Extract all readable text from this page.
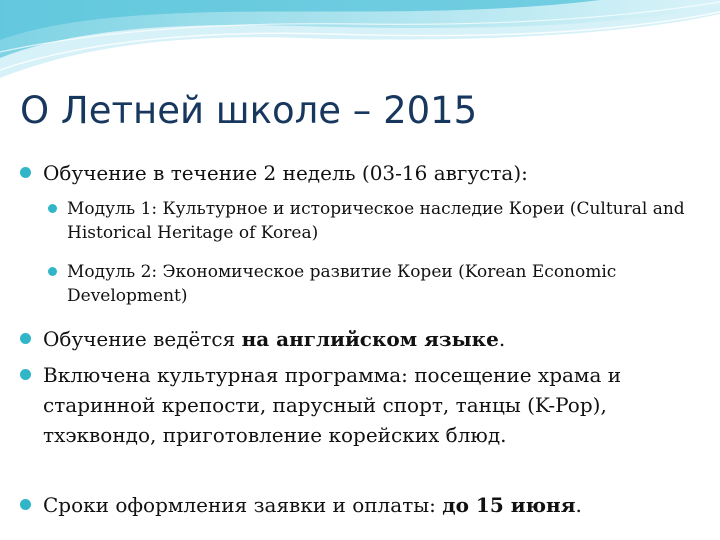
О Летней школе – 2015
Обучение в течение 2 недель (03-16 августа):
Модуль 1: Культурное и историческое наследие Кореи (Cultural and Historical Heritage of Korea)
Модуль 2: Экономическое развитие Кореи (Korean Economic Development)
Обучение ведётся на английском языке.
Включена культурная программа: посещение храма и старинной крепости, парусный спорт, танцы (K-Pop), тхэквондо, приготовление корейских блюд.
Сроки оформления заявки и оплаты: до 15 июня.
